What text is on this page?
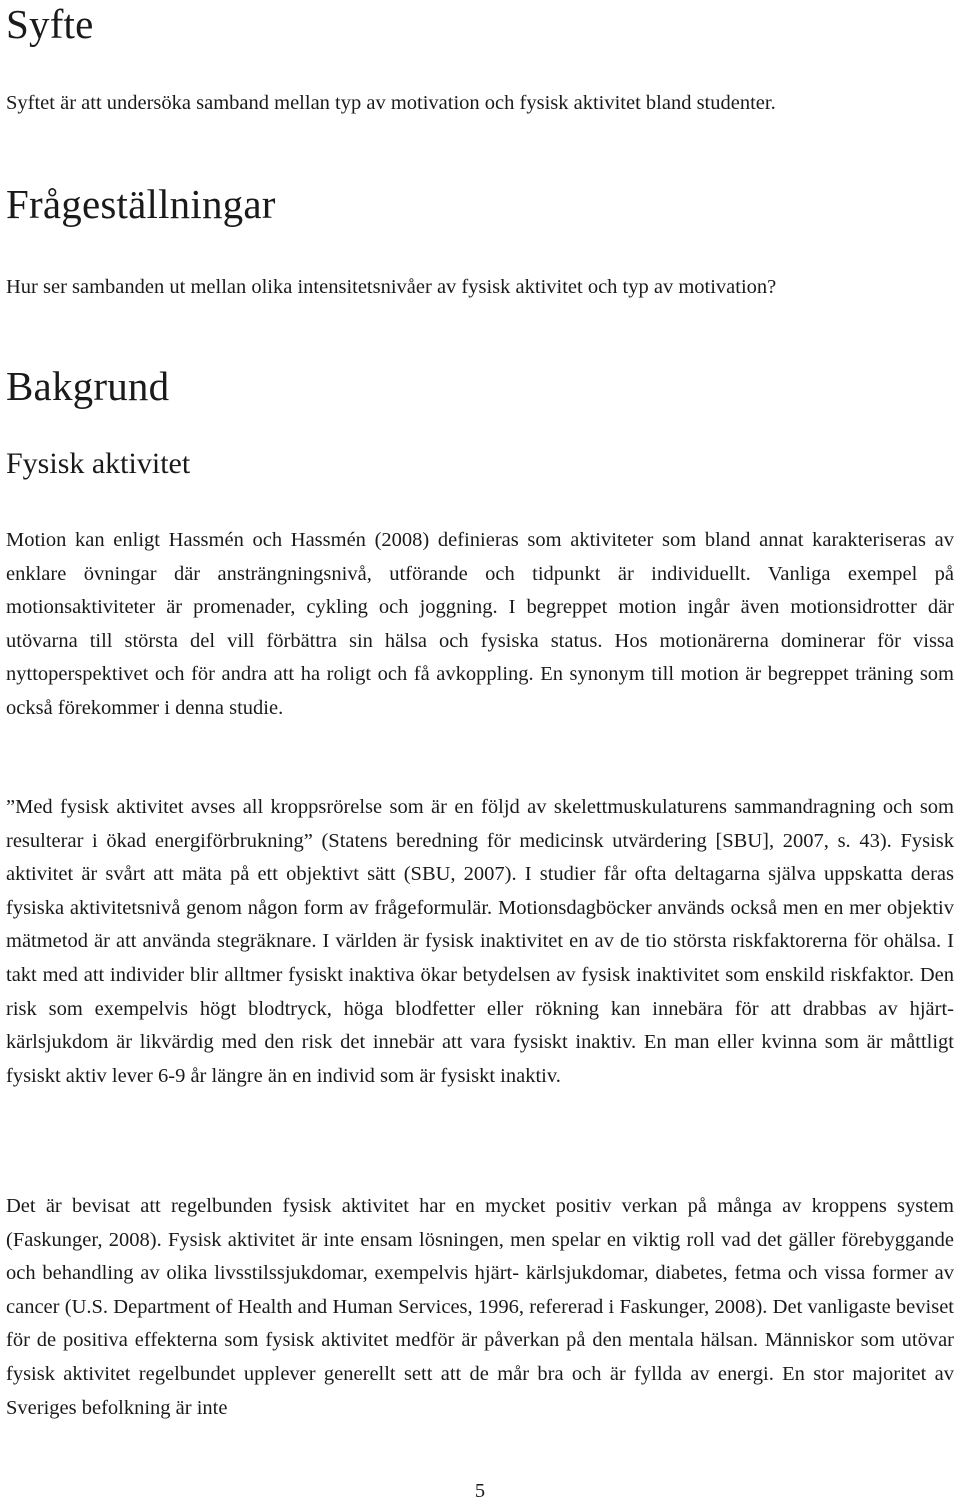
Syfte

Syftet är att undersöka samband mellan typ av motivation och fysisk aktivitet bland studenter.

Frågeställningar

Hur ser sambanden ut mellan olika intensitetsnivåer av fysisk aktivitet och typ av motivation?

Bakgrund
Fysisk aktivitet

Motion kan enligt Hassmén och Hassmén (2008) definieras som aktiviteter som bland annat karakteriseras av enklare övningar där ansträngningsnivå, utförande och tidpunkt är individuellt. Vanliga exempel på motionsaktiviteter är promenader, cykling och joggning. I begreppet motion ingår även motionsidrotter där utövarna till största del vill förbättra sin hälsa och fysiska status. Hos motionärerna dominerar för vissa nyttoperspektivet och för andra att ha roligt och få avkoppling. En synonym till motion är begreppet träning som också förekommer i denna studie.

”Med fysisk aktivitet avses all kroppsrörelse som är en följd av skelettmuskulaturens sammandragning och som resulterar i ökad energiförbrukning” (Statens beredning för medicinsk utvärdering [SBU], 2007, s. 43). Fysisk aktivitet är svårt att mäta på ett objektivt sätt (SBU, 2007). I studier får ofta deltagarna själva uppskatta deras fysiska aktivitetsnivå genom någon form av frågeformulär. Motionsdagböcker används också men en mer objektiv mätmetod är att använda stegräknare. I världen är fysisk inaktivitet en av de tio största riskfaktorerna för ohälsa. I takt med att individer blir alltmer fysiskt inaktiva ökar betydelsen av fysisk inaktivitet som enskild riskfaktor. Den risk som exempelvis högt blodtryck, höga blodfetter eller rökning kan innebära för att drabbas av hjärt- kärlsjukdom är likvärdig med den risk det innebär att vara fysiskt inaktiv. En man eller kvinna som är måttligt fysiskt aktiv lever 6-9 år längre än en individ som är fysiskt inaktiv.

Det är bevisat att regelbunden fysisk aktivitet har en mycket positiv verkan på många av kroppens system (Faskunger, 2008). Fysisk aktivitet är inte ensam lösningen, men spelar en viktig roll vad det gäller förebyggande och behandling av olika livsstilssjukdomar, exempelvis hjärt- kärlsjukdomar, diabetes, fetma och vissa former av cancer (U.S. Department of Health and Human Services, 1996, refererad i Faskunger, 2008). Det vanligaste beviset för de positiva effekterna som fysisk aktivitet medför är påverkan på den mentala hälsan. Människor som utövar fysisk aktivitet regelbundet upplever generellt sett att de mår bra och är fyllda av energi. En stor majoritet av Sveriges befolkning är inte

5
